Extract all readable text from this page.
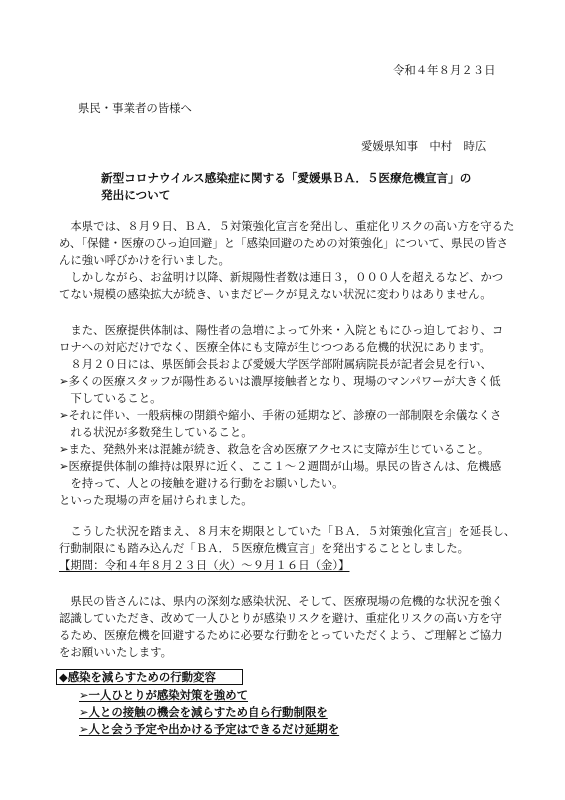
令和４年８月２３日
県民・事業者の皆様へ
愛媛県知事　中村　時広
新型コロナウイルス感染症に関する「愛媛県ＢＡ．５医療危機宣言」の
発出について
　本県では、８月９日、ＢＡ．５対策強化宣言を発出し、重症化リスクの高い方を守るた
め、「保健・医療のひっ迫回避」と「感染回避のための対策強化」について、県民の皆さ
んに強い呼びかけを行いました。
　しかしながら、お盆明け以降、新規陽性者数は連日３，０００人を超えるなど、かつ
てない規模の感染拡大が続き、いまだピークが見えない状況に変わりはありません。
　また、医療提供体制は、陽性者の急増によって外来・入院ともにひっ迫しており、コ
ロナへの対応だけでなく、医療全体にも支障が生じつつある危機的状況にあります。
　８月２０日には、県医師会長および愛媛大学医学部附属病院長が記者会見を行い、
➢多くの医療スタッフが陽性あるいは濃厚接触者となり、現場のマンパワーが大きく低
　下していること。
➢それに伴い、一般病棟の閉鎖や縮小、手術の延期など、診療の一部制限を余儀なくさ
　れる状況が多数発生していること。
➢また、発熱外来は混雑が続き、救急を含め医療アクセスに支障が生じていること。
➢医療提供体制の維持は限界に近く、ここ１～２週間が山場。県民の皆さんは、危機感
　を持って、人との接触を避ける行動をお願いしたい。
といった現場の声を届けられました。
　こうした状況を踏まえ、８月末を期限としていた「ＢＡ．５対策強化宣言」を延長し、
行動制限にも踏み込んだ「ＢＡ．５医療危機宣言」を発出することとしました。
【期間：令和４年８月２３日（火）～９月１６日（金）】
　県民の皆さんには、県内の深刻な感染状況、そして、医療現場の危機的な状況を強く
認識していただき、改めて一人ひとりが感染リスクを避け、重症化リスクの高い方を守
るため、医療危機を回避するために必要な行動をとっていただくよう、ご理解とご協力
をお願いいたします。
◆感染を減らすための行動変容
➢一人ひとりが感染対策を強めて
➢人との接触の機会を減らすため自ら行動制限を
➢人と会う予定や出かける予定はできるだけ延期を
